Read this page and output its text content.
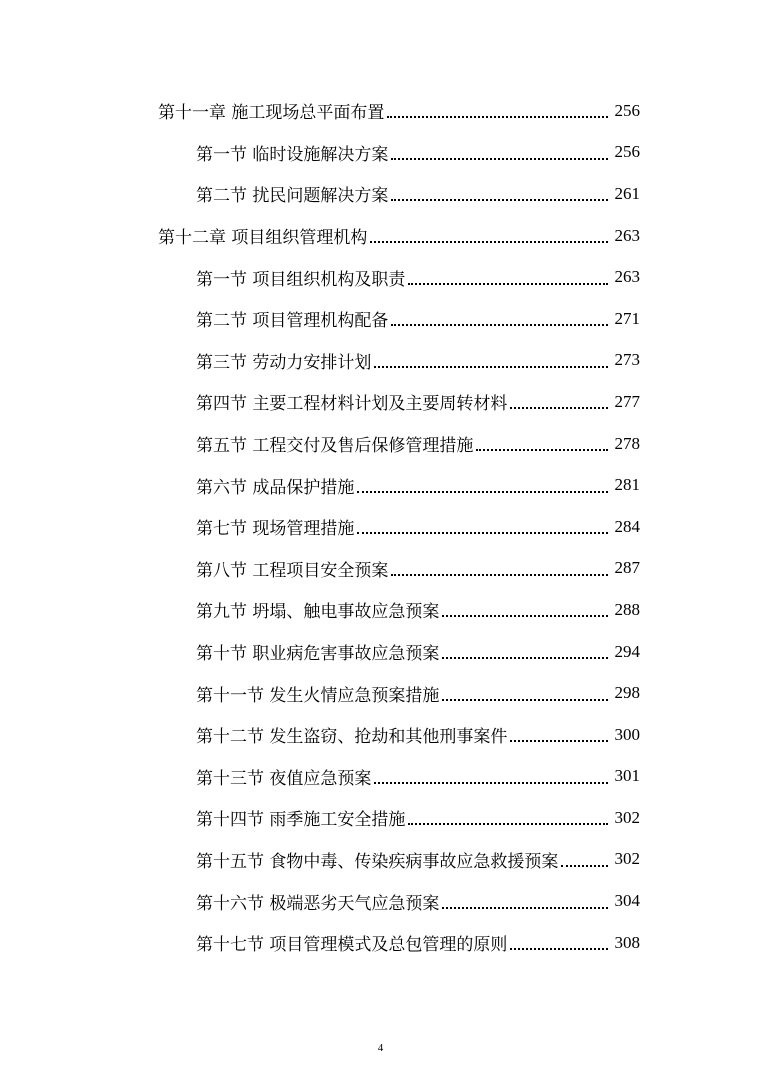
第十一章 施工现场总平面布置	256
第一节 临时设施解决方案	256
第二节 扰民问题解决方案	261
第十二章 项目组织管理机构	263
第一节 项目组织机构及职责	263
第二节 项目管理机构配备	271
第三节 劳动力安排计划	273
第四节 主要工程材料计划及主要周转材料	277
第五节 工程交付及售后保修管理措施	278
第六节 成品保护措施	281
第七节 现场管理措施	284
第八节 工程项目安全预案	287
第九节 坍塌、触电事故应急预案	288
第十节 职业病危害事故应急预案	294
第十一节 发生火情应急预案措施	298
第十二节 发生盗窃、抢劫和其他刑事案件	300
第十三节 夜值应急预案	301
第十四节 雨季施工安全措施	302
第十五节 食物中毒、传染疾病事故应急救援预案	302
第十六节 极端恶劣天气应急预案	304
第十七节 项目管理模式及总包管理的原则	308
4
